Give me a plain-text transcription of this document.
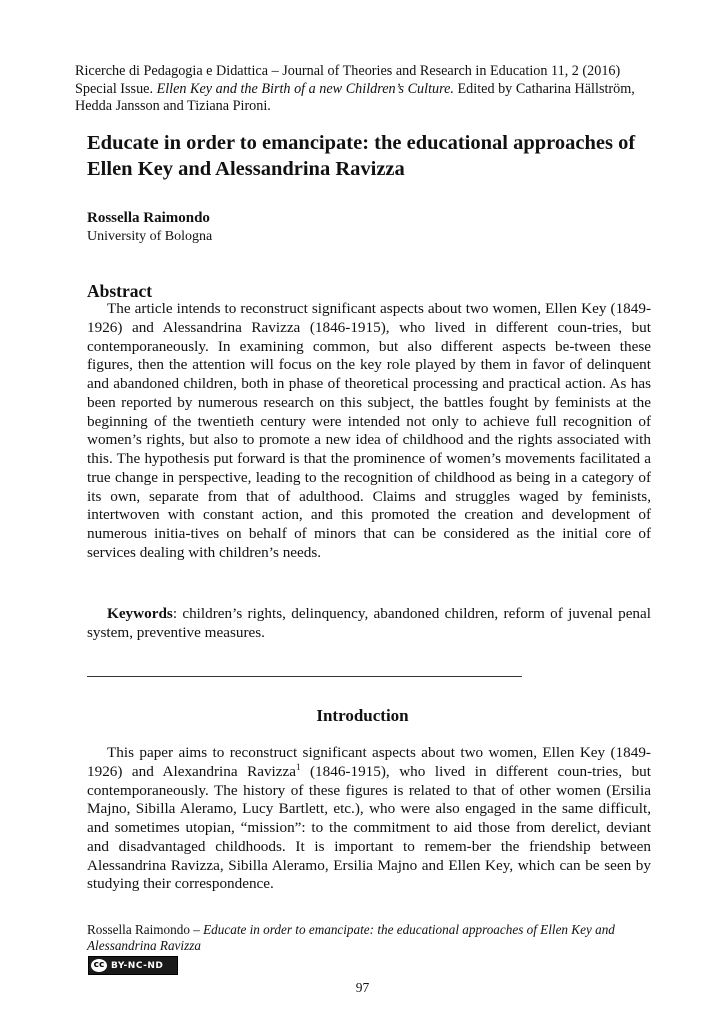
Ricerche di Pedagogia e Didattica – Journal of Theories and Research in Education 11, 2 (2016)
Special Issue. Ellen Key and the Birth of a new Children’s Culture. Edited by Catharina Hällström, Hedda Jansson and Tiziana Pironi.
Educate in order to emancipate: the educational approaches of Ellen Key and Alessandrina Ravizza
Rossella Raimondo
University of Bologna
Abstract
The article intends to reconstruct significant aspects about two women, Ellen Key (1849-1926) and Alessandrina Ravizza (1846-1915), who lived in different coun-tries, but contemporaneously. In examining common, but also different aspects be-tween these figures, then the attention will focus on the key role played by them in favor of delinquent and abandoned children, both in phase of theoretical processing and practical action. As has been reported by numerous research on this subject, the battles fought by feminists at the beginning of the twentieth century were intended not only to achieve full recognition of women’s rights, but also to promote a new idea of childhood and the rights associated with this. The hypothesis put forward is that the prominence of women’s movements facilitated a true change in perspective, leading to the recognition of childhood as being in a category of its own, separate from that of adulthood. Claims and struggles waged by feminists, intertwoven with constant action, and this promoted the creation and development of numerous initia-tives on behalf of minors that can be considered as the initial core of services dealing with children’s needs.
Keywords: children’s rights, delinquency, abandoned children, reform of juvenal penal system, preventive measures.
Introduction
This paper aims to reconstruct significant aspects about two women, Ellen Key (1849-1926) and Alexandrina Ravizza$^1$ (1846-1915), who lived in different coun-tries, but contemporaneously. The history of these figures is related to that of other women (Ersilia Majno, Sibilla Aleramo, Lucy Bartlett, etc.), who were also engaged in the same difficult, and sometimes utopian, “mission”: to the commitment to aid those from derelict, deviant and disadvantaged childhoods. It is important to remem-ber the friendship between Alessandrina Ravizza, Sibilla Aleramo, Ersilia Majno and Ellen Key, which can be seen by studying their correspondence.
Rossella Raimondo – Educate in order to emancipate: the educational approaches of Ellen Key and Alessandrina Ravizza
cc BY-NC-ND
97
